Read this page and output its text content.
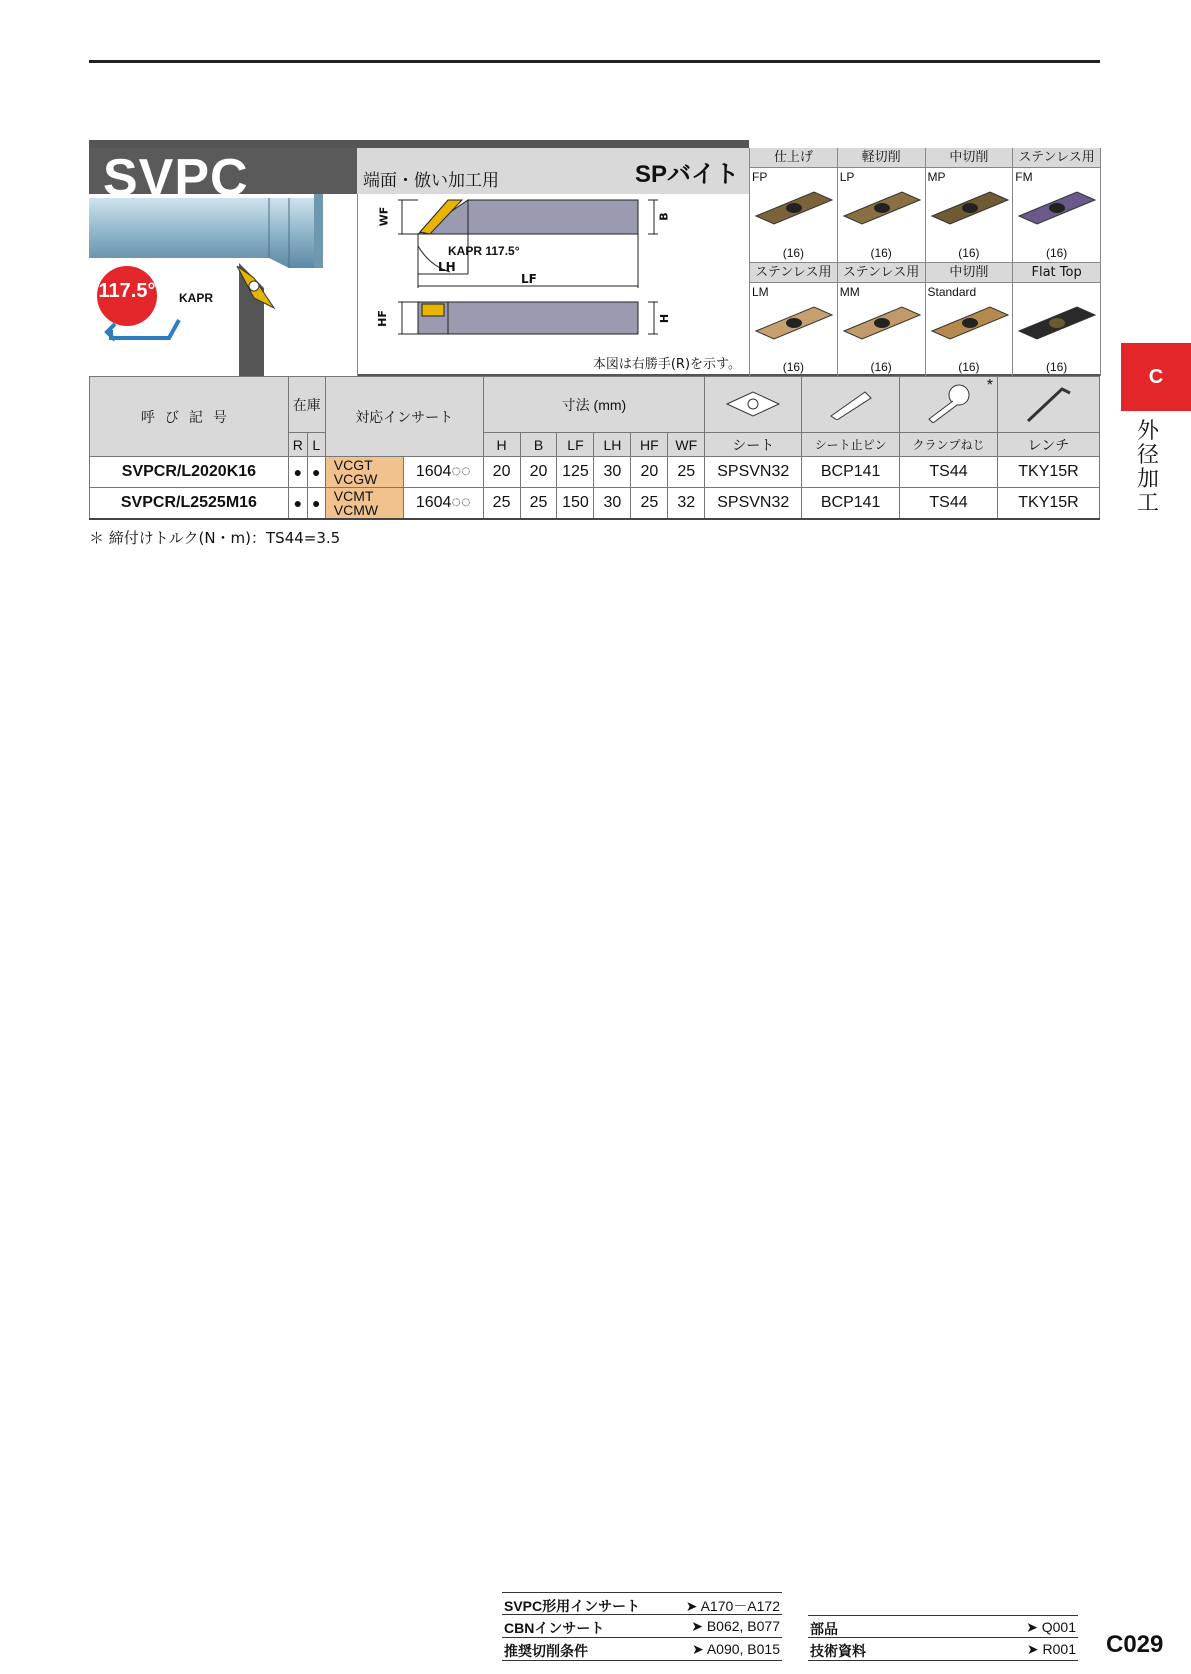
117.5° KAPR
SVPC	端面・倣い加工用	SPバイト
WF	B
KAPR 117.5°
LH
LF
HF	H
本図は右勝手(R)を示す。
仕上げ
FP
(16)
軽切削
LP
(16)
中切削
MP
(16)
ステンレス用
FM
(16)
ステンレス用
LM
(16)
ステンレス用
MM
(16)
中切削
Standard
(16)
Flat Top
(16)
呼び記号	在庫		対応インサート		寸法 (mm)								*

	R	L			H	B	LF	LH	HF	WF	シート	シート止ピン	クランプねじ	レンチ
SVPCR/L2020K16	●	●	VCGT
VCGW	1604◌◌	20	20	125	30	20	25	SPSVN32	BCP141	TS44	TKY15R
SVPCR/L2525M16	●	●	VCMT
VCMW	1604◌◌	25	25	150	30	25	32	SPSVN32	BCP141	TS44	TKY15R
＊ 締付けトルク(N・m)：TS44=3.5
C
外径加工
SVPC形用インサート	➤ A170－A172
CBNインサート	➤ B062, B077
推奨切削条件	➤ A090, B015
部品	➤ Q001
技術資料	➤ R001 C029
